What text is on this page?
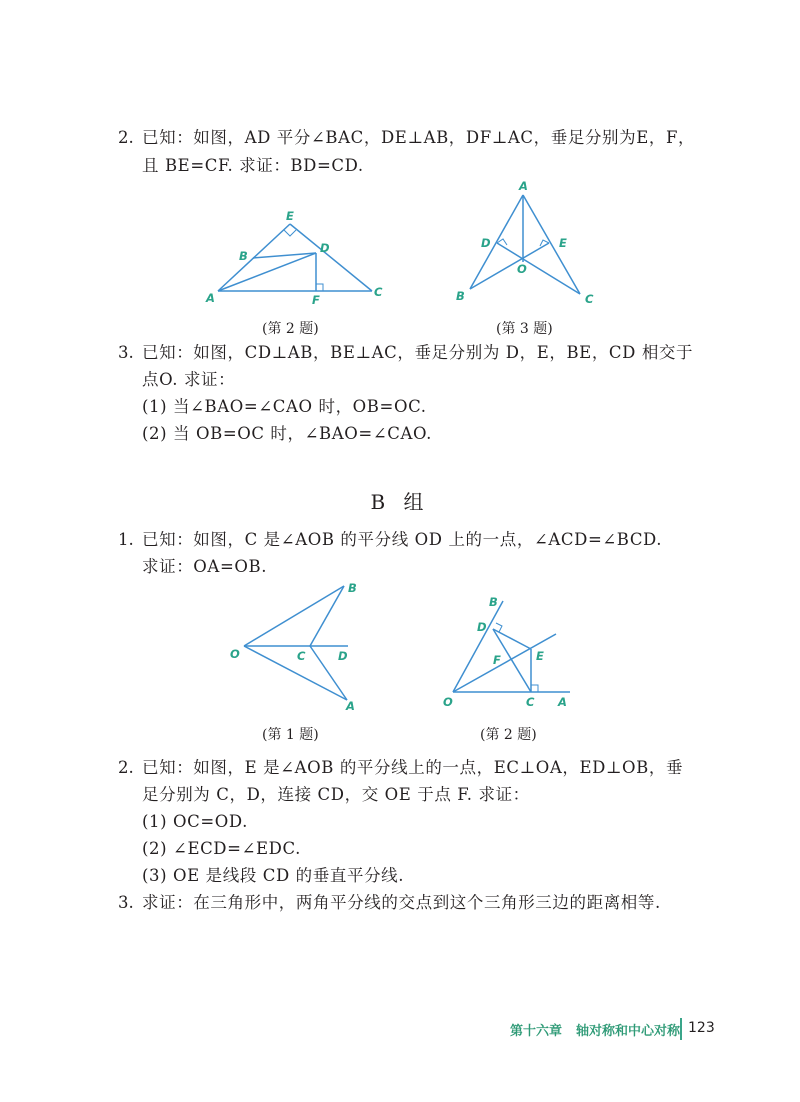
2. 已知：如图，AD 平分∠BAC，DE⊥AB，DF⊥AC，垂足分别为E，F，
且 BE=CF. 求证：BD=CD.
E
B
D
A	F
C
A
D	E
O
B	C
(第 2 题)	(第 3 题)
3. 已知：如图，CD⊥AB，BE⊥AC，垂足分别为 D，E，BE，CD 相交于
点O. 求证：
(1) 当∠BAO=∠CAO 时，OB=OC.
(2) 当 OB=OC 时，∠BAO=∠CAO.
B 组
1. 已知：如图，C 是∠AOB 的平分线 OD 上的一点，∠ACD=∠BCD.
求证：OA=OB.
B
O	C	D
A
B
D
E
F
O	C A
(第 1 题)	(第 2 题)
2. 已知：如图，E 是∠AOB 的平分线上的一点，EC⊥OA，ED⊥OB，垂
足分别为 C，D，连接 CD，交 OE 于点 F. 求证：
(1) OC=OD.
(2) ∠ECD=∠EDC.
(3) OE 是线段 CD 的垂直平分线.
3. 求证：在三角形中，两角平分线的交点到这个三角形三边的距离相等.
第十六章 轴对称和中心对称 123
